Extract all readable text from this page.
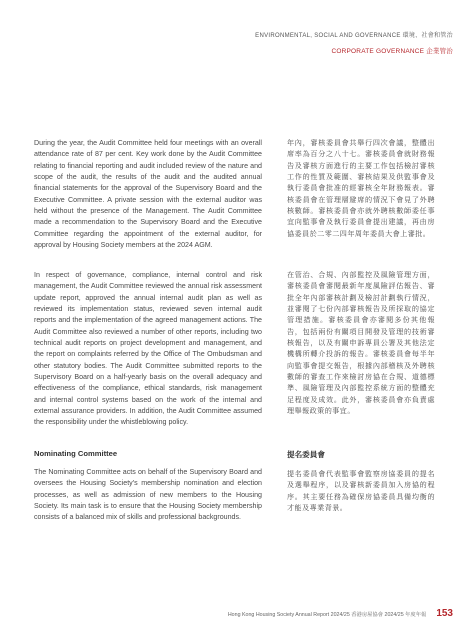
ENVIRONMENTAL, SOCIAL AND GOVERNANCE 環境、社會和管治
CORPORATE GOVERNANCE 企業管治

During the year, the Audit Committee held four meetings with an overall attendance rate of 87 per cent. Key work done by the Audit Committee relating to financial reporting and audit included review of the nature and scope of the audit, the results of the audit and the audited annual financial statements for the approval of the Supervisory Board and the Executive Committee. A private session with the external auditor was held without the presence of the Management. The Audit Committee made a recommendation to the Supervisory Board and the Executive Committee regarding the appointment of the external auditor, for approval by Housing Society members at the 2024 AGM.

年內，審核委員會共舉行四次會議，整體出席率為百分之八十七。審核委員會就財務報告及審核方面進行的主要工作包括檢討審核工作的性質及範圍、審核結果及供監事會及執行委員會批准的經審核全年財務報表。審核委員會在管理層避席的情況下會見了外聘核數師。審核委員會亦就外聘核數師委任事宜向監事會及執行委員會提出建議，再由房協委員於二零二四年周年委員大會上審批。

In respect of governance, compliance, internal control and risk management, the Audit Committee reviewed the annual risk assessment update report, approved the annual internal audit plan as well as reviewed its implementation status, reviewed seven internal audit reports and the implementation of the agreed management actions. The Audit Committee also reviewed a number of other reports, including two technical audit reports on project development and management, and the report on complaints referred by the Office of The Ombudsman and other statutory bodies. The Audit Committee submitted reports to the Supervisory Board on a half-yearly basis on the overall adequacy and effectiveness of the compliance, ethical standards, risk management and internal control systems based on the work of the internal and external assurance providers. In addition, the Audit Committee assumed the responsibility under the whistleblowing policy.

在管治、合規、內部監控及風險管理方面，審核委員會審閱最新年度風險評估報告、審批全年內部審核計劃及檢討計劃執行情況，並審閱了七份內部審核報告及所採取的協定管理措施。審核委員會亦審閱多份其他報告，包括兩份有關項目開發及管理的技術審核報告，以及有關申訴專員公署及其他法定機構所轉介投訴的報告。審核委員會每半年向監事會提交報告，根據內部稽核及外聘核數師的審查工作來檢討房協在合規、道德標準、風險管理及內部監控系統方面的整體充足程度及成效。此外，審核委員會亦負責處理舉報政策的事宜。

Nominating Committee

The Nominating Committee acts on behalf of the Supervisory Board and oversees the Housing Society's membership nomination and election processes, as well as admission of new members to the Housing Society. Its main task is to ensure that the Housing Society membership consists of a balanced mix of skills and professional backgrounds.

提名委員會

提名委員會代表監事會監察房協委員的提名及選舉程序，以及審核新委員加入房協的程序。其主要任務為確保房協委員具備均衡的才能及專業背景。

Hong Kong Housing Society Annual Report 2024/25 香港房屋協會 2024/25 年度年報 153
